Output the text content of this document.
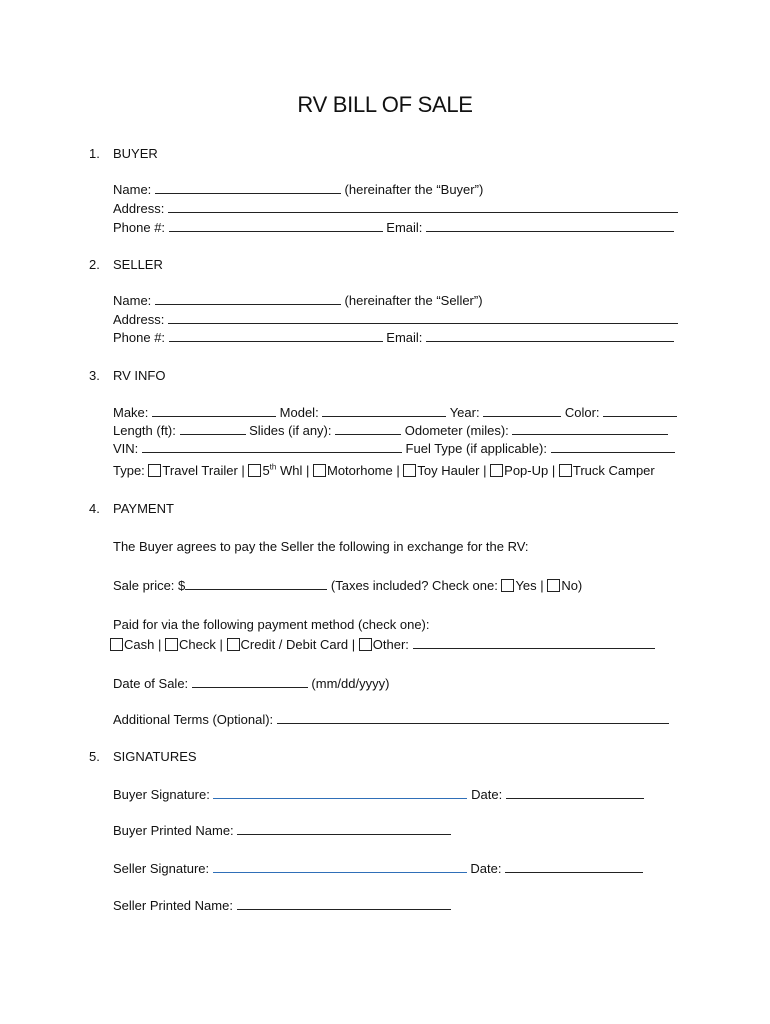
RV BILL OF SALE
1. BUYER
Name:	(hereinafter the “Buyer”)
Address:
Phone #:	Email:
2. SELLER
Name:	(hereinafter the “Seller”)
Address:
Phone #:	Email:
3. RV INFO
Make:	Model:	Year:	Color:
Length (ft):	Slides (if any):	Odometer (miles):
VIN:	Fuel Type (if applicable):
Type: Travel Trailer | 5th Whl | Motorhome | Toy Hauler | Pop-Up | Truck Camper
4. PAYMENT
The Buyer agrees to pay the Seller the following in exchange for the RV:
Sale price: $	(Taxes included? Check one: Yes | No)
Paid for via the following payment method (check one):
Cash | Check | Credit / Debit Card | Other:
Date of Sale:	(mm/dd/yyyy)
Additional Terms (Optional):
5. SIGNATURES
Buyer Signature:	Date:
Buyer Printed Name:
Seller Signature:	Date:
Seller Printed Name:
